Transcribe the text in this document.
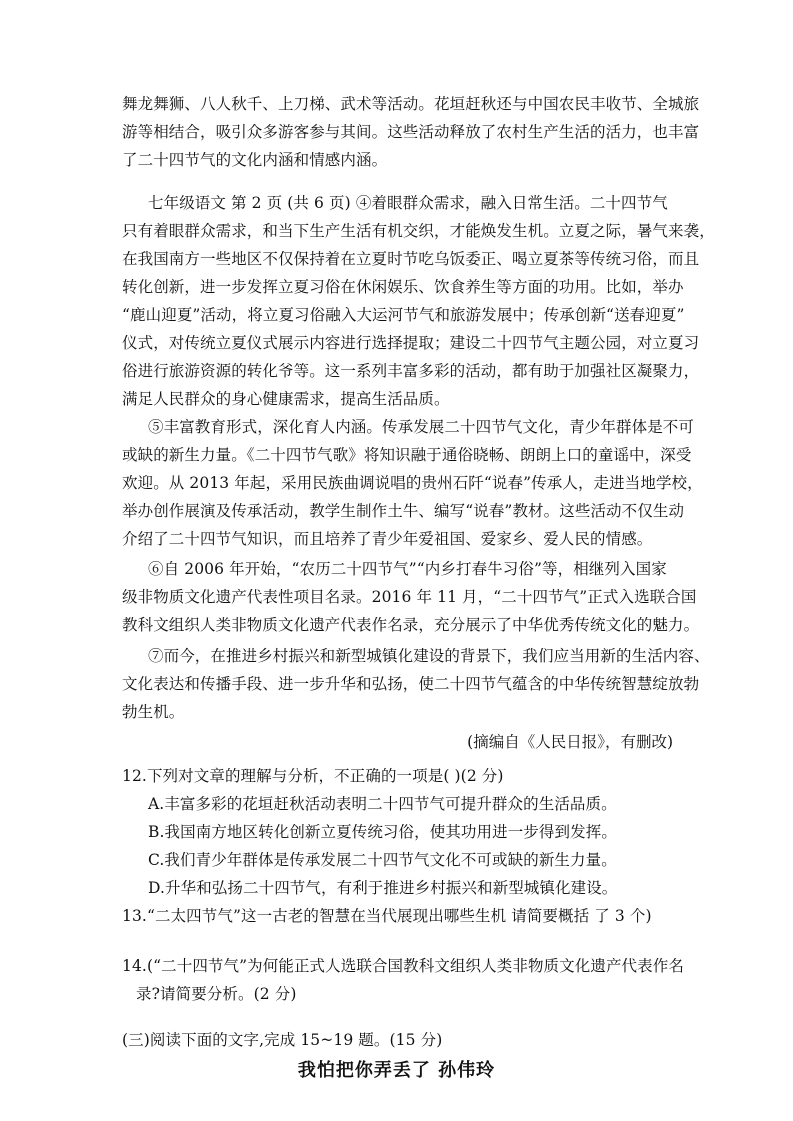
舞龙舞狮、八人秋千、上刀梯、武术等活动。花垣赶秋还与中国农民丰收节、全城旅
游等相结合，吸引众多游客参与其间。这些活动释放了农村生产生活的活力，也丰富
了二十四节气的文化内涵和情感内涵。
七年级语文 第 2 页 (共 6 页) ④着眼群众需求，融入日常生活。二十四节气
只有着眼群众需求，和当下生产生活有机交织，才能焕发生机。立夏之际，暑气来袭，
在我国南方一些地区不仅保持着在立夏时节吃乌饭委正、喝立夏茶等传统习俗，而且
转化创新，进一步发挥立夏习俗在休闲娱乐、饮食养生等方面的功用。比如，举办
“鹿山迎夏”活动，将立夏习俗融入大运河节气和旅游发展中；传承创新“送春迎夏”
仪式，对传统立夏仪式展示内容进行选择提取；建设二十四节气主题公园，对立夏习
俗进行旅游资源的转化爷等。这一系列丰富多彩的活动，都有助于加强社区凝聚力，
满足人民群众的身心健康需求，提高生活品质。
⑤丰富教育形式，深化育人内涵。传承发展二十四节气文化，青少年群体是不可
或缺的新生力量。《二十四节气歌》将知识融于通俗晓畅、朗朗上口的童谣中，深受
欢迎。从 2013 年起，采用民族曲调说唱的贵州石阡“说春”传承人，走进当地学校，
举办创作展演及传承活动，教学生制作土牛、编写“说春”教材。这些活动不仅生动
介绍了二十四节气知识，而且培养了青少年爱祖国、爱家乡、爱人民的情感。
⑥自 2006 年开始，“农历二十四节气”“内乡打春牛习俗”等，相继列入国家
级非物质文化遗产代表性项目名录。2016 年 11 月，“二十四节气”正式入选联合国
教科文组织人类非物质文化遗产代表作名录，充分展示了中华优秀传统文化的魅力。
⑦而今，在推进乡村振兴和新型城镇化建设的背景下，我们应当用新的生活内容、
文化表达和传播手段、进一步升华和弘扬，使二十四节气蕴含的中华传统智慧绽放勃
勃生机。
(摘编自《人民日报》，有删改)
12.下列对文章的理解与分析，不正确的一项是( )(2 分)
A.丰富多彩的花垣赶秋活动表明二十四节气可提升群众的生活品质。
B.我国南方地区转化创新立夏传统习俗，使其功用进一步得到发挥。
C.我们青少年群体是传承发展二十四节气文化不可或缺的新生力量。
D.升华和弘扬二十四节气，有利于推进乡村振兴和新型城镇化建设。
13.“二太四节气”这一古老的智慧在当代展现出哪些生机 请简要概括 了 3 个)
14.(“二十四节气”为何能正式人选联合国教科文组织人类非物质文化遗产代表作名
录?请简要分析。(2 分)
(三)阅读下面的文字,完成 15~19 题。(15 分)
我怕把你弄丢了 孙伟玲
